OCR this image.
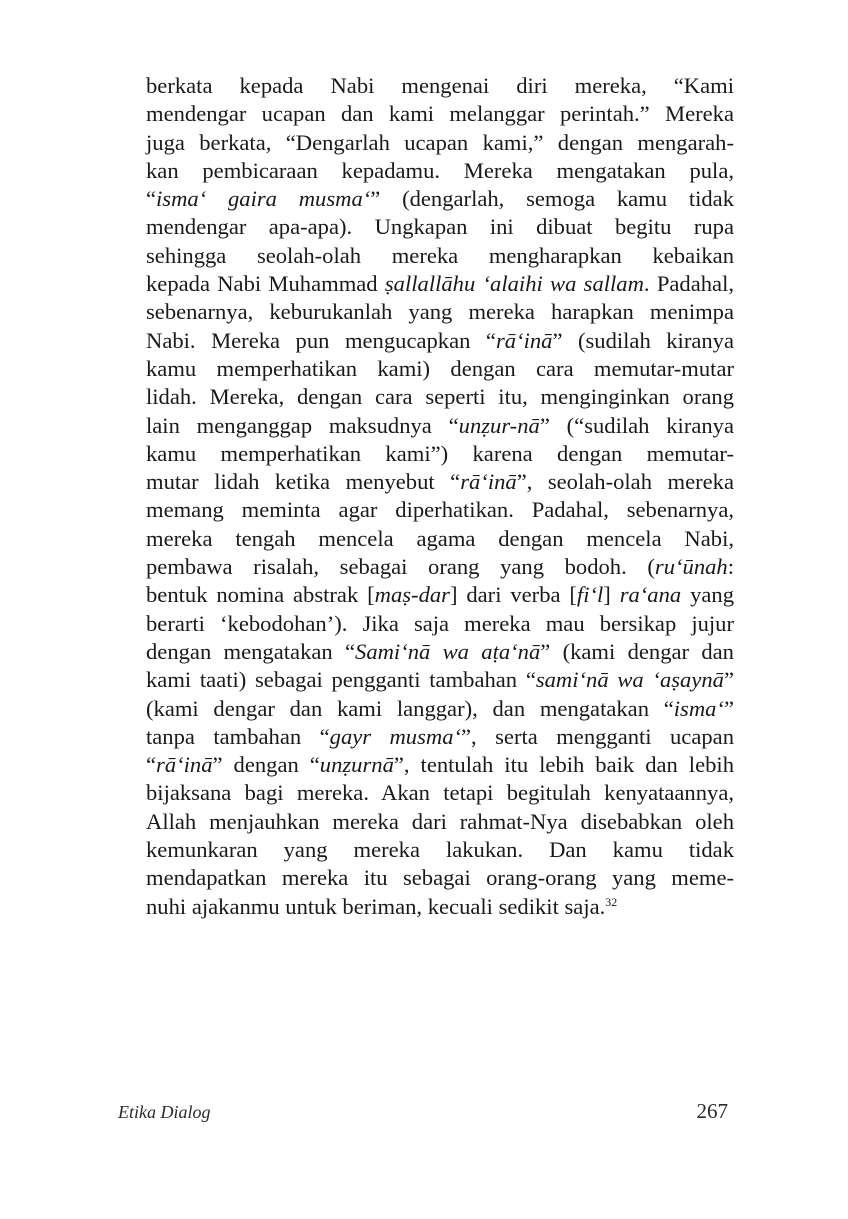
berkata kepada Nabi mengenai diri mereka, “Kami
mendengar ucapan dan kami melanggar perintah.” Mereka
juga berkata, “Dengarlah ucapan kami,” dengan mengarah-
kan pembicaraan kepadamu. Mereka mengatakan pula,
“isma‘ gaira musma‘” (dengarlah, semoga kamu tidak
mendengar apa-apa). Ungkapan ini dibuat begitu rupa
sehingga seolah-olah mereka mengharapkan kebaikan
kepada Nabi Muhammad ṣallallāhu ‘alaihi wa sallam. Padahal,
sebenarnya, keburukanlah yang mereka harapkan menimpa
Nabi. Mereka pun mengucapkan “rā‘inā” (sudilah kiranya
kamu memperhatikan kami) dengan cara memutar-mutar
lidah. Mereka, dengan cara seperti itu, menginginkan orang
lain menganggap maksudnya “unẓur-nā” (“sudilah kiranya
kamu memperhatikan kami”) karena dengan memutar-
mutar lidah ketika menyebut “rā‘inā”, seolah-olah mereka
memang meminta agar diperhatikan. Padahal, sebenarnya,
mereka tengah mencela agama dengan mencela Nabi,
pembawa risalah, sebagai orang yang bodoh. (ru‘ūnah:
bentuk nomina abstrak [maṣ-dar] dari verba [fi‘l] ra‘ana yang
berarti ‘kebodohan’). Jika saja mereka mau bersikap jujur
dengan mengatakan “Sami‘nā wa aṭa‘nā” (kami dengar dan
kami taati) sebagai pengganti tambahan “sami‘nā wa ‘aṣaynā”
(kami dengar dan kami langgar), dan mengatakan “isma‘”
tanpa tambahan “gayr musma‘”, serta mengganti ucapan
“rā‘inā” dengan “unẓurnā”, tentulah itu lebih baik dan lebih
bijaksana bagi mereka. Akan tetapi begitulah kenyataannya,
Allah menjauhkan mereka dari rahmat-Nya disebabkan oleh
kemunkaran yang mereka lakukan. Dan kamu tidak
mendapatkan mereka itu sebagai orang-orang yang meme-
nuhi ajakanmu untuk beriman, kecuali sedikit saja.$^{32}$
Etika Dialog	267
